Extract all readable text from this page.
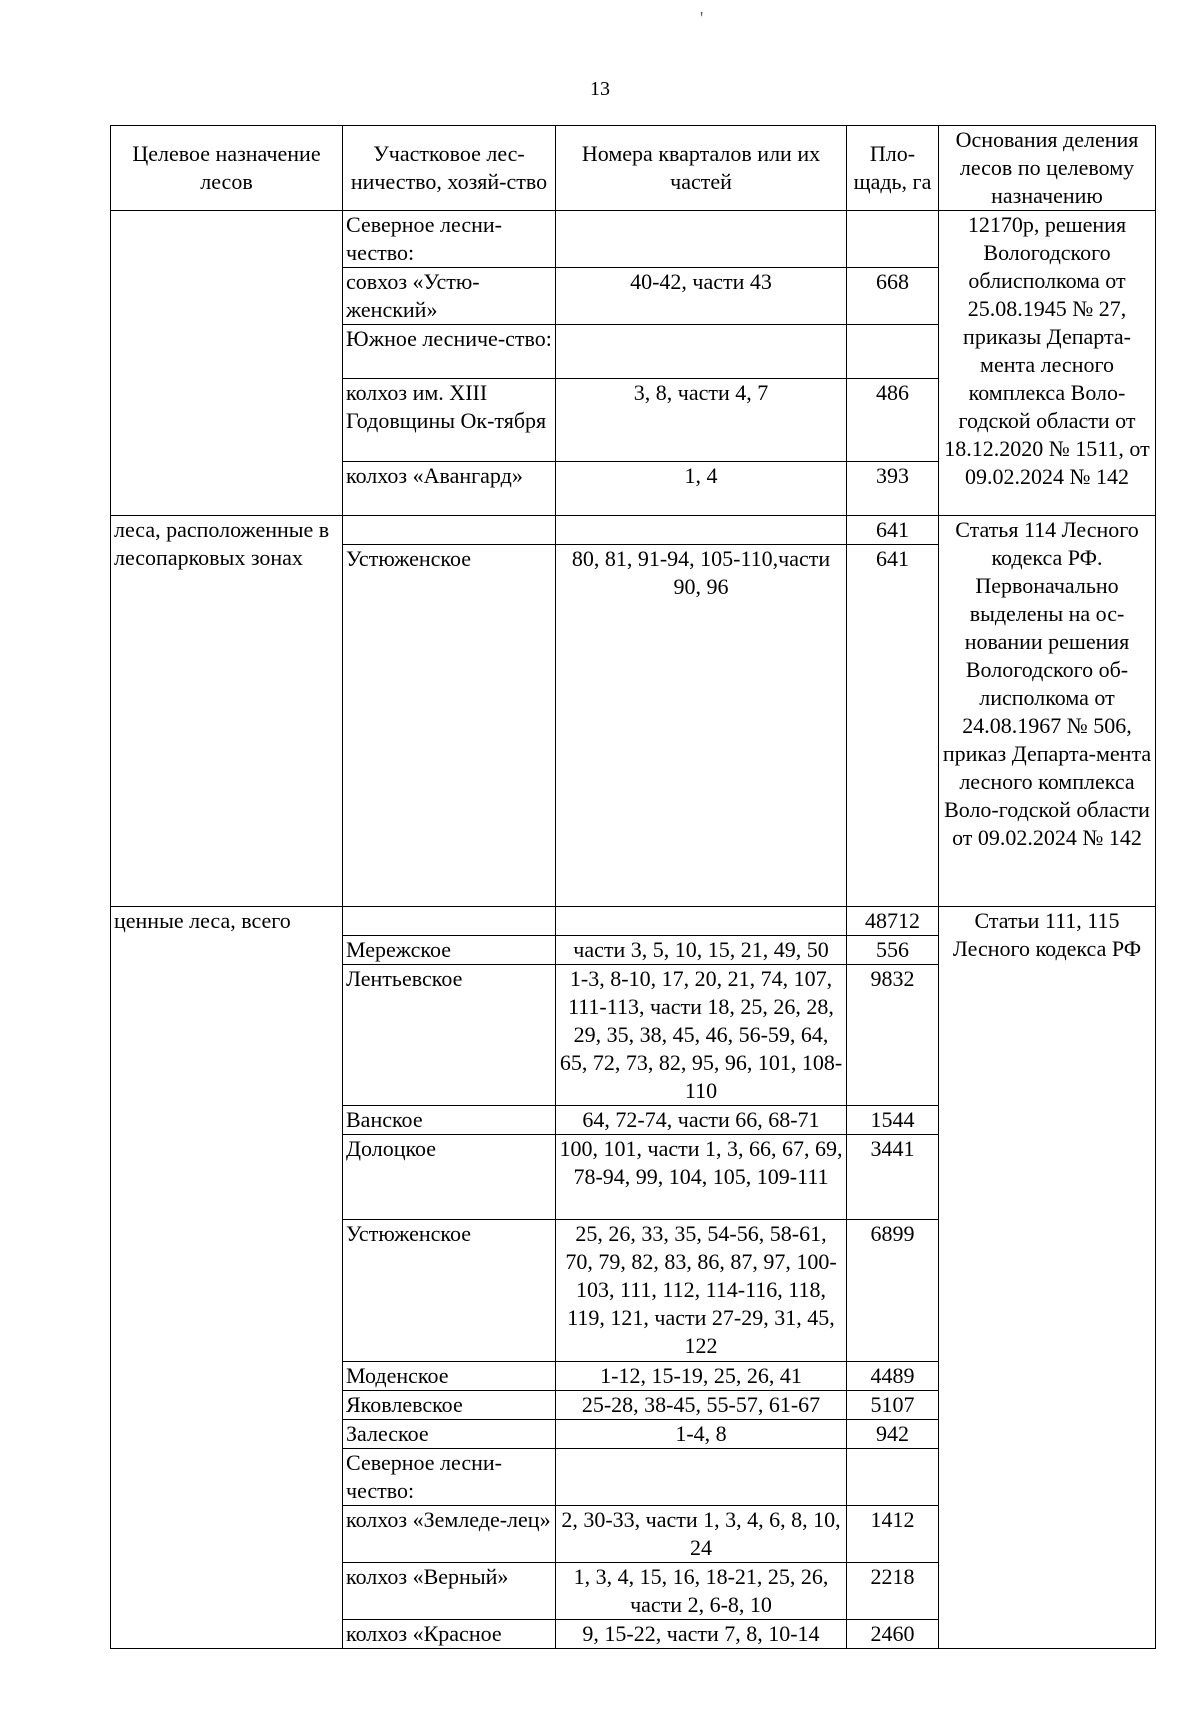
'
13
Целевое назначение лесов	Участковое лес-ничество, хозяй-ство	Номера кварталов или их частей	Пло-щадь, га	Основания деления лесов по целевому назначению
	Северное лесни-чество:			12170р, решения Вологодского облисполкома от 25.08.1945 № 27, приказы Департа-мента лесного комплекса Воло-годской области от 18.12.2020 № 1511, от 09.02.2024 № 142
	совхоз «Устю-женский»	40-42, части 43	668	
	Южное лесниче-ство:			
	колхоз им. XIII Годовщины Ок-тября	3, 8, части 4, 7	486	
	колхоз «Авангард»	1, 4	393	
леса, расположенные в лесопарковых зонах			641	Статья 114 Лесного кодекса РФ. Первоначально выделены на ос-новании решения Вологодского об-лисполкома от 24.08.1967 № 506, приказ Департа-мента лесного комплекса Воло-годской области от 09.02.2024 № 142
	Устюженское	80, 81, 91-94, 105-110,части 90, 96	641	
ценные леса, всего			48712	Статьи 111, 115 Лесного кодекса РФ
	Мережское	части 3, 5, 10, 15, 21, 49, 50	556	
	Лентьевское	1-3, 8-10, 17, 20, 21, 74, 107, 111-113, части 18, 25, 26, 28, 29, 35, 38, 45, 46, 56-59, 64, 65, 72, 73, 82, 95, 96, 101, 108-110	9832	
	Ванское	64, 72-74, части 66, 68-71	1544	
	Долоцкое	100, 101, части 1, 3, 66, 67, 69, 78-94, 99, 104, 105, 109-111	3441	
	Устюженское	25, 26, 33, 35, 54-56, 58-61, 70, 79, 82, 83, 86, 87, 97, 100-103, 111, 112, 114-116, 118, 119, 121, части 27-29, 31, 45, 122	6899	
	Моденское	1-12, 15-19, 25, 26, 41	4489	
	Яковлевское	25-28, 38-45, 55-57, 61-67	5107	
	Залеское	1-4, 8	942	
	Северное лесни-чество:			
	колхоз «Земледе-лец»	2, 30-33, части 1, 3, 4, 6, 8, 10, 24	1412	
	колхоз «Верный»	1, 3, 4, 15, 16, 18-21, 25, 26, части 2, 6-8, 10	2218	
	колхоз «Красное	9, 15-22, части 7, 8, 10-14	2460	
